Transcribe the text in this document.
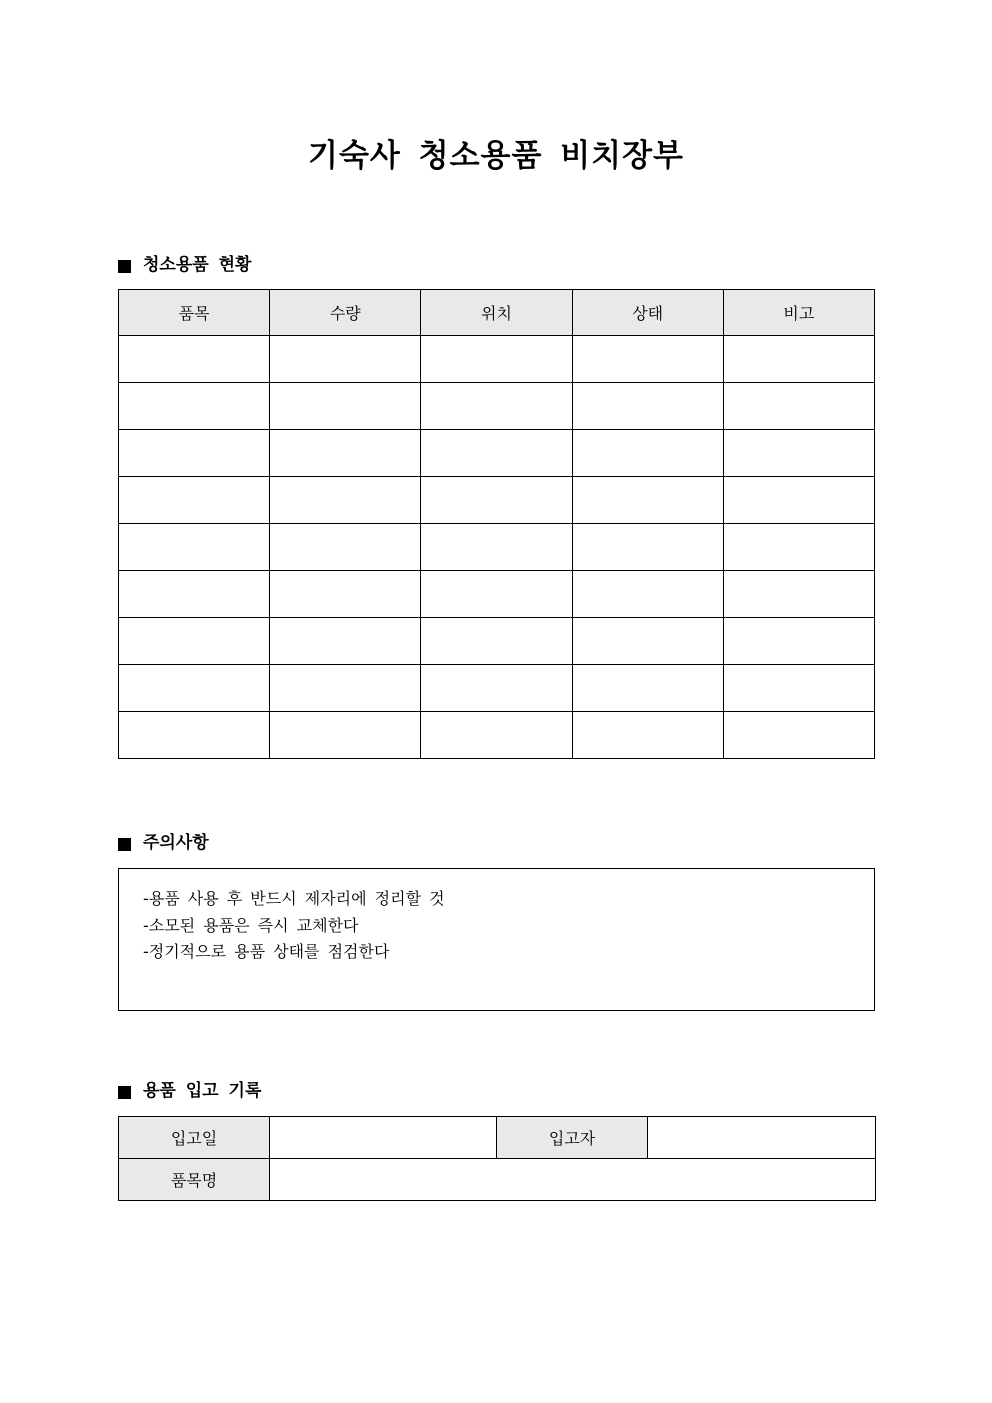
기숙사 청소용품 비치장부
청소용품 현황
품목	수량	위치	상태	비고

주의사항
-용품 사용 후 반드시 제자리에 정리할 것
-소모된 용품은 즉시 교체한다
-정기적으로 용품 상태를 점검한다
용품 입고 기록
입고일		입고자	
품목명			
